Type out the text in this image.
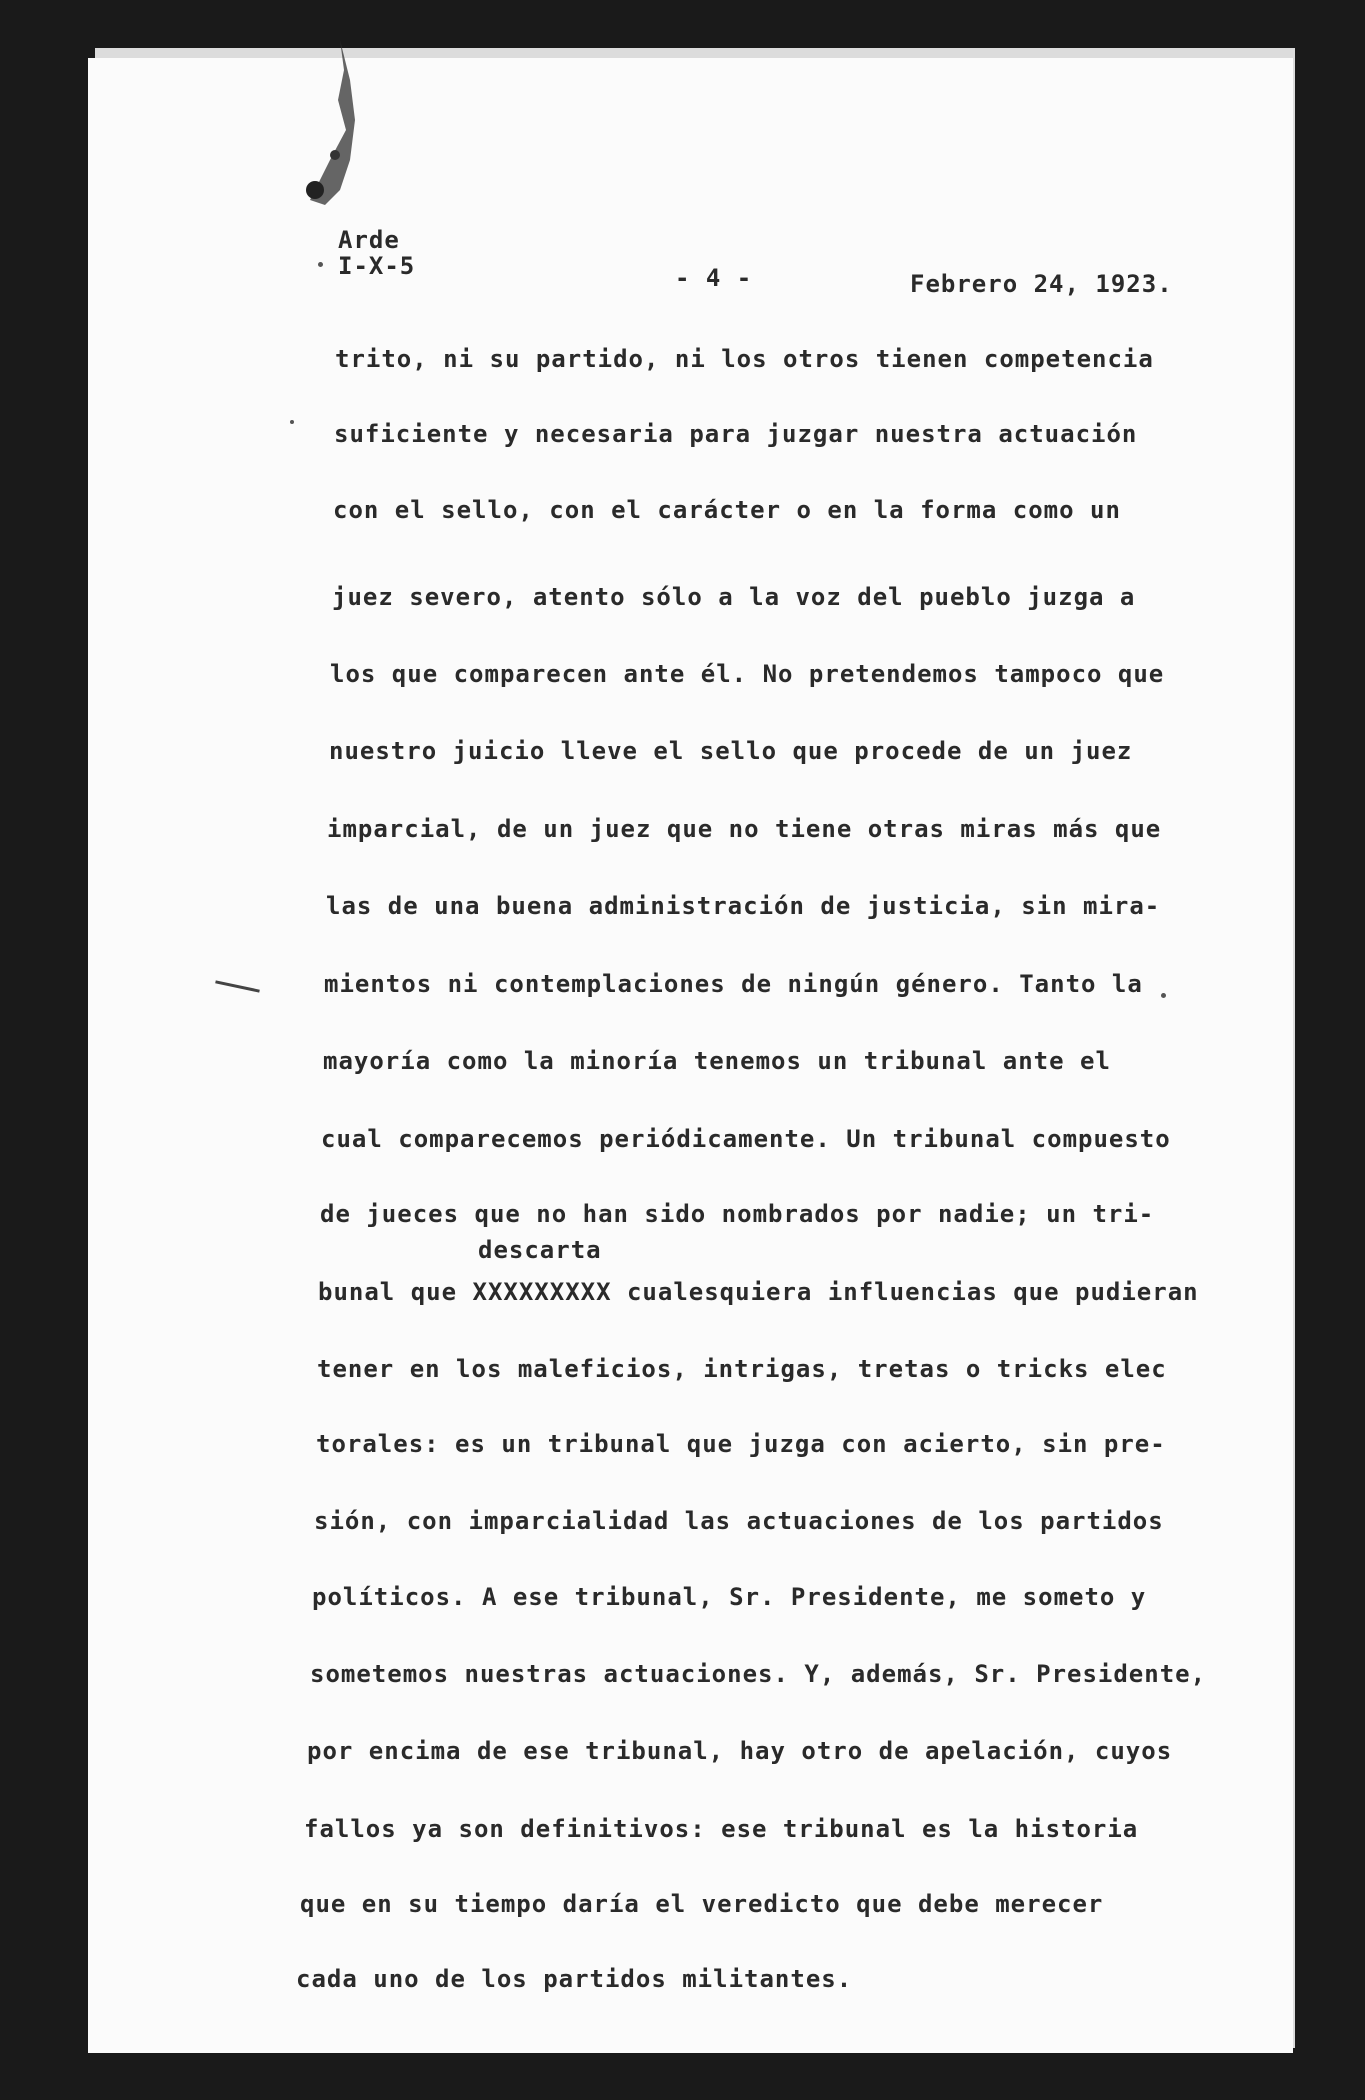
Arde
I-X-5	- 4 -	Febrero 24, 1923.
descarta
trito, ni su partido, ni los otros tienen competencia
suficiente y necesaria para juzgar nuestra actuación
con el sello, con el carácter o en la forma como un
juez severo, atento sólo a la voz del pueblo juzga a
los que comparecen ante él. No pretendemos tampoco que
nuestro juicio lleve el sello que procede de un juez
imparcial, de un juez que no tiene otras miras más que
las de una buena administración de justicia, sin mira-
mientos ni contemplaciones de ningún género. Tanto la
mayoría como la minoría tenemos un tribunal ante el
cual comparecemos periódicamente. Un tribunal compuesto
de jueces que no han sido nombrados por nadie; un tri-
bunal que XXXXXXXXX cualesquiera influencias que pudieran
tener en los maleficios, intrigas, tretas o tricks elec
torales: es un tribunal que juzga con acierto, sin pre-
sión, con imparcialidad las actuaciones de los partidos
políticos. A ese tribunal, Sr. Presidente, me someto y
sometemos nuestras actuaciones. Y, además, Sr. Presidente,
por encima de ese tribunal, hay otro de apelación, cuyos
fallos ya son definitivos: ese tribunal es la historia
que en su tiempo daría el veredicto que debe merecer
cada uno de los partidos militantes.
